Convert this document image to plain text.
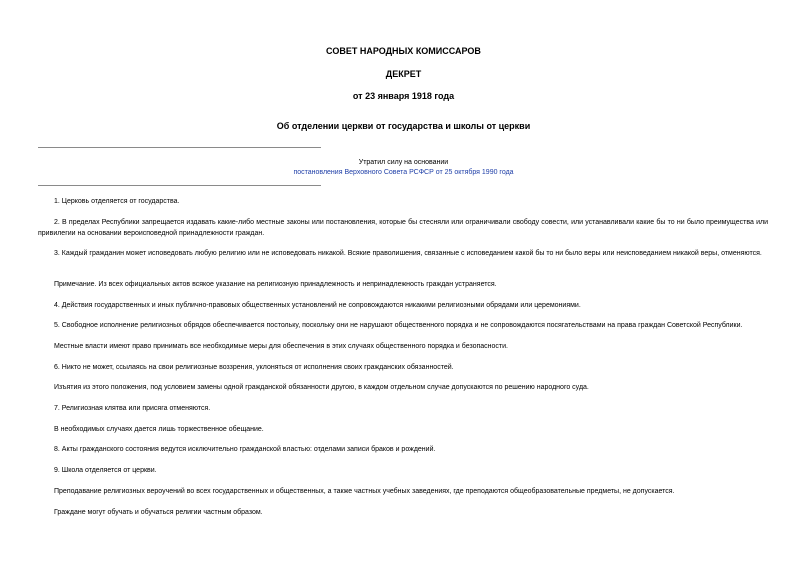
СОВЕТ НАРОДНЫХ КОМИССАРОВ
ДЕКРЕТ
от 23 января 1918 года
Об отделении церкви от государства и школы от церкви
Утратил силу на основании
постановления Верховного Совета РСФСР от 25 октября 1990 года

1. Церковь отделяется от государства.

2. В пределах Республики запрещается издавать какие-либо местные законы или постановления, которые бы стесняли или ограничивали свободу совести, или устанавливали какие бы то ни было преимущества или привилегии на основании вероисповедной принадлежности граждан.

3. Каждый гражданин может исповедовать любую религию или не исповедовать никакой. Всякие праволишения, связанные с исповеданием какой бы то ни было веры или неисповеданием никакой веры, отменяются.

Примечание. Из всех официальных актов всякое указание на религиозную принадлежность и непринадлежность граждан устраняется.

4. Действия государственных и иных публично-правовых общественных установлений не сопровождаются никакими религиозными обрядами или церемониями.

5. Свободное исполнение религиозных обрядов обеспечивается постольку, поскольку они не нарушают общественного порядка и не сопровождаются посягательствами на права граждан Советской Республики.

Местные власти имеют право принимать все необходимые меры для обеспечения в этих случаях общественного порядка и безопасности.

6. Никто не может, ссылаясь на свои религиозные воззрения, уклоняться от исполнения своих гражданских обязанностей.

Изъятия из этого положения, под условием замены одной гражданской обязанности другою, в каждом отдельном случае допускаются по решению народного суда.

7. Религиозная клятва или присяга отменяются.

В необходимых случаях дается лишь торжественное обещание.

8. Акты гражданского состояния ведутся исключительно гражданской властью: отделами записи браков и рождений.

9. Школа отделяется от церкви.

Преподавание религиозных вероучений во всех государственных и общественных, а также частных учебных заведениях, где преподаются общеобразовательные предметы, не допускается.

Граждане могут обучать и обучаться религии частным образом.
